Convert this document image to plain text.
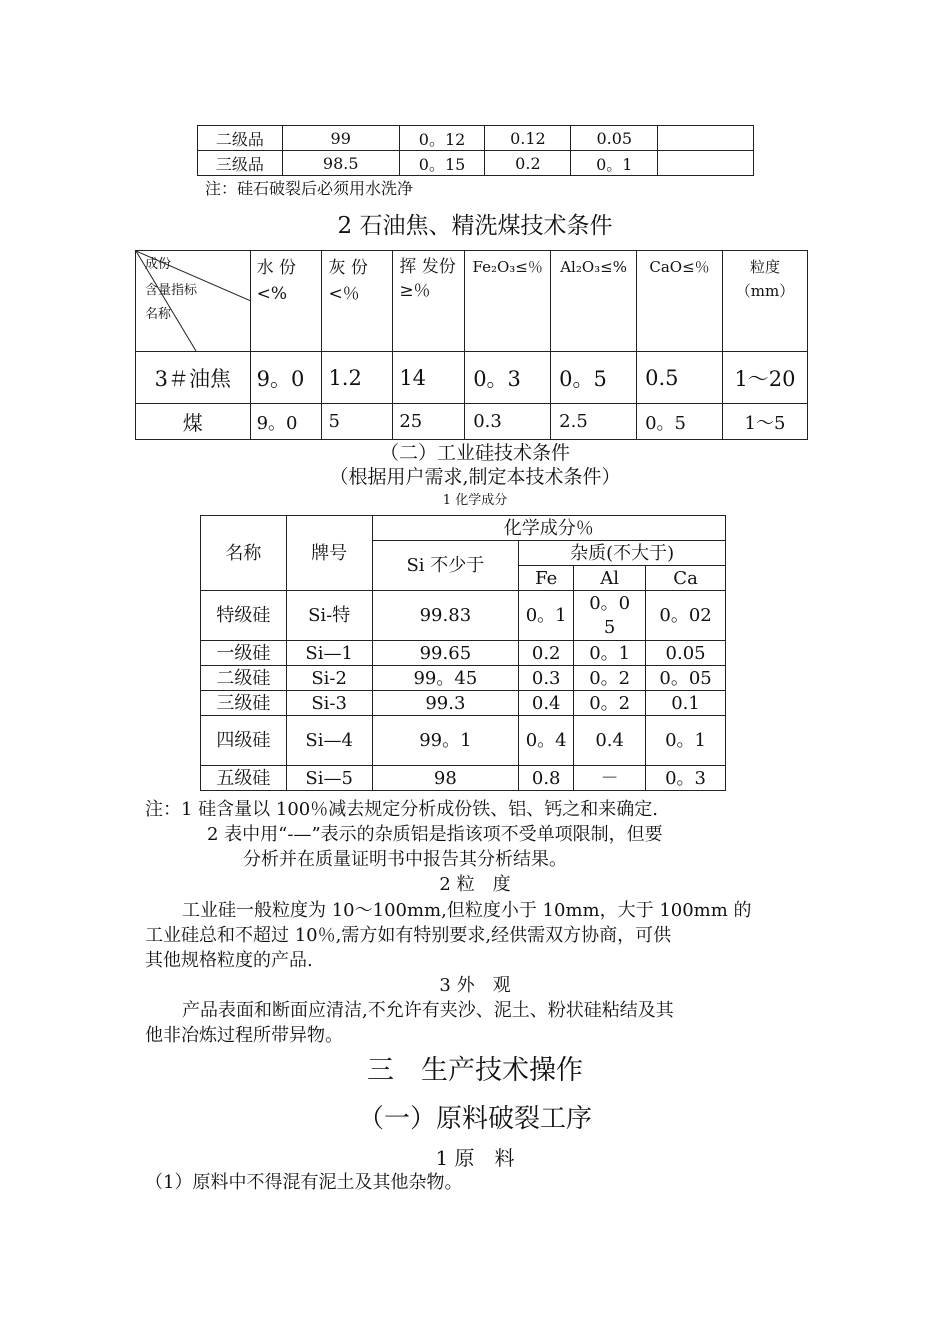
二级品	99	0。12	0.12	0.05	
三级品	98.5	0。15	0.2	0。1	
注：硅石破裂后必须用水洗净
2 石油焦、精洗煤技术条件
成份
含量指标
名称	水 份<%	灰 份<％	挥 发份 ≥％	Fe₂O₃≤％	Al₂O₃≤%	CaO≤％	粒度（mm）
3＃油焦	9。0	1.2	14	0。3	0。5	0.5	1～20
煤	9。0	5	25	0.3	2.5	0。5	1～5
（二）工业硅技术条件
（根据用户需求,制定本技术条件）
1 化学成分
名称	牌号	化学成分％			
		Si 不少于	杂质(不大于)		
			Fe	Al	Ca
特级硅	Si-特	99.83	0。1	0。05	0。02
一级硅	Si—1	99.65	0.2	0。1	0.05
二级硅	Si-2	99。45	0.3	0。2	0。05
三级硅	Si-3	99.3	0.4	0。2	0.1
四级硅	Si—4	99。1	0。4	0.4	0。1
五级硅	Si—5	98	0.8	－	0。3
注：1 硅含量以 100％减去规定分析成份铁、铝、钙之和来确定.
2 表中用“-—”表示的杂质铝是指该项不受单项限制，但要
分析并在质量证明书中报告其分析结果。
2 粒　度
工业硅一般粒度为 10～100mm,但粒度小于 10mm，大于 100mm 的
工业硅总和不超过 10％,需方如有特别要求,经供需双方协商，可供
其他规格粒度的产品.
3 外　观
产品表面和断面应清洁,不允许有夹沙、泥土、粉状硅粘结及其
他非冶炼过程所带异物。
三　生产技术操作
（一）原料破裂工序
1 原　料
（1）原料中不得混有泥土及其他杂物。
